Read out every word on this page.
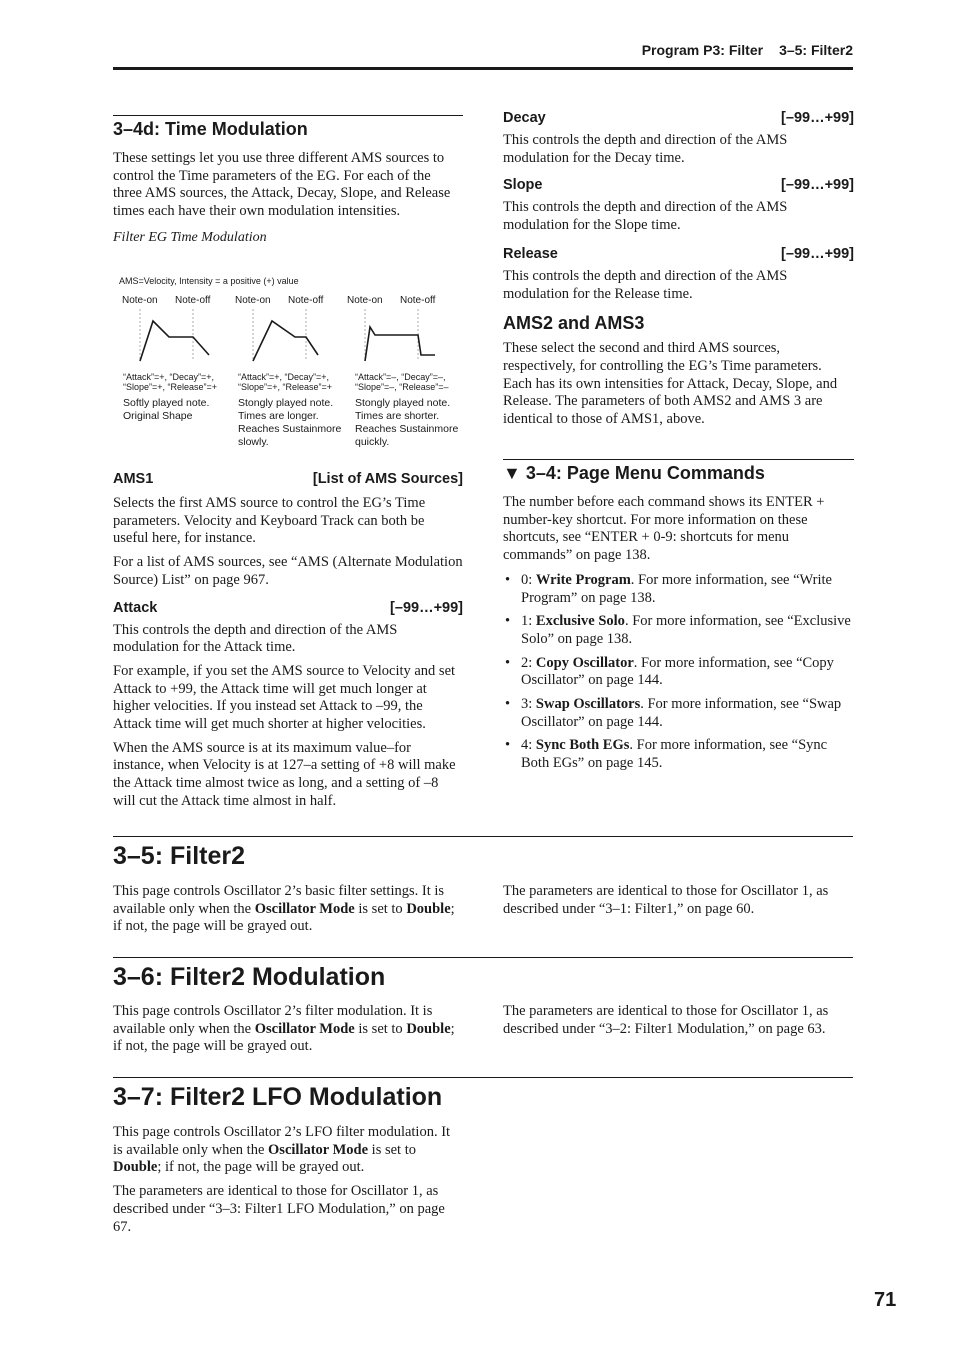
Program P3: Filter 3–5: Filter2
3–4d: Time Modulation

These settings let you use three different AMS sources to control the Time parameters of the EG. For each of the three AMS sources, the Attack, Decay, Slope, and Release times each have their own modulation intensities.

Filter EG Time Modulation

AMS=Velocity, Intensity = a positive (+) value
Note-on Note-off Note-on Note-off Note-on Note-off
“Attack”=+, “Decay”=+, “Slope”=+, “Release”=+
“Attack”=+, “Decay”=+, “Slope”=+, “Release”=+
“Attack”=–, “Decay”=–, “Slope”=–, “Release”=–
Softly played note. Original Shape
Stongly played note. Times are longer. Reaches Sustainmore slowly.
Stongly played note. Times are shorter. Reaches Sustainmore quickly.
AMS1	[List of AMS Sources]

Selects the first AMS source to control the EG’s Time parameters. Velocity and Keyboard Track can both be useful here, for instance.

For a list of AMS sources, see “AMS (Alternate Modulation Source) List” on page 967.

Attack	[–99…+99]

This controls the depth and direction of the AMS modulation for the Attack time.

For example, if you set the AMS source to Velocity and set Attack to +99, the Attack time will get much longer at higher velocities. If you instead set Attack to –99, the Attack time will get much shorter at higher velocities.

When the AMS source is at its maximum value–for instance, when Velocity is at 127–a setting of +8 will make the Attack time almost twice as long, and a setting of –8 will cut the Attack time almost in half.

Decay	[–99…+99]

This controls the depth and direction of the AMS modulation for the Decay time.

Slope	[–99…+99]

This controls the depth and direction of the AMS modulation for the Slope time.

Release	[–99…+99]

This controls the depth and direction of the AMS modulation for the Release time.

AMS2 and AMS3

These select the second and third AMS sources, respectively, for controlling the EG’s Time parameters. Each has its own intensities for Attack, Decay, Slope, and Release. The parameters of both AMS2 and AMS 3 are identical to those of AMS1, above.

▼ 3–4: Page Menu Commands

The number before each command shows its ENTER + number-key shortcut. For more information on these shortcuts, see “ENTER + 0-9: shortcuts for menu commands” on page 138.

• 0: Write Program. For more information, see “Write Program” on page 138.
• 1: Exclusive Solo. For more information, see “Exclusive Solo” on page 138.
• 2: Copy Oscillator. For more information, see “Copy Oscillator” on page 144.
• 3: Swap Oscillators. For more information, see “Swap Oscillator” on page 144.
• 4: Sync Both EGs. For more information, see “Sync Both EGs” on page 145.
3–5: Filter2

This page controls Oscillator 2’s basic filter settings. It is available only when the Oscillator Mode is set to Double; if not, the page will be grayed out.

The parameters are identical to those for Oscillator 1, as described under “3–1: Filter1,” on page 60.

3–6: Filter2 Modulation

This page controls Oscillator 2’s filter modulation. It is available only when the Oscillator Mode is set to Double; if not, the page will be grayed out.

The parameters are identical to those for Oscillator 1, as described under “3–2: Filter1 Modulation,” on page 63.

3–7: Filter2 LFO Modulation

This page controls Oscillator 2’s LFO filter modulation. It is available only when the Oscillator Mode is set to Double; if not, the page will be grayed out.

The parameters are identical to those for Oscillator 1, as described under “3–3: Filter1 LFO Modulation,” on page 67.

71
